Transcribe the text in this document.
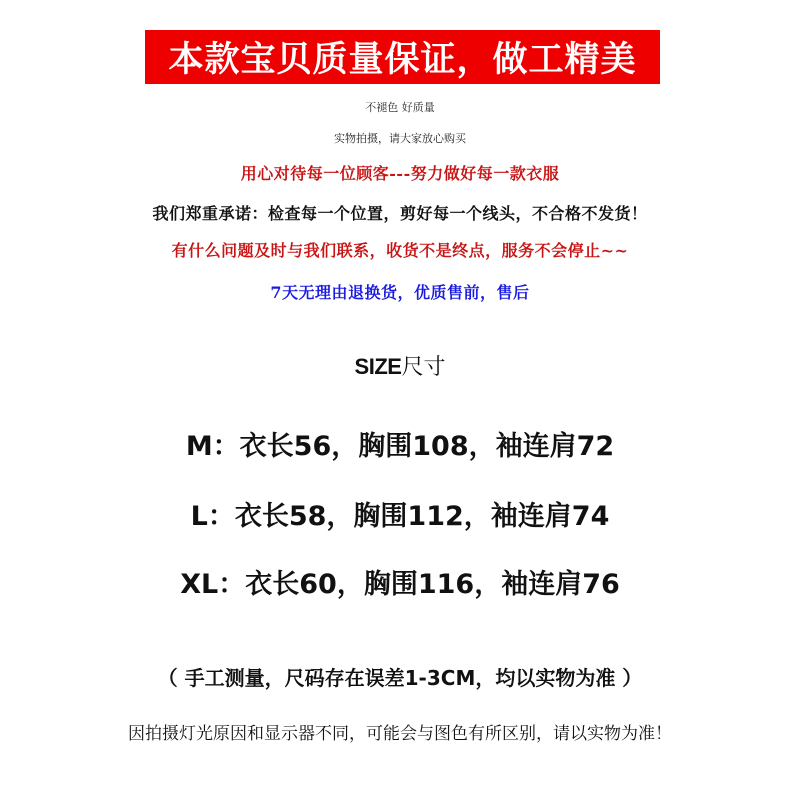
本款宝贝质量保证，做工精美
不褪色 好质量
实物拍摄，请大家放心购买
用心对待每一位顾客---努力做好每一款衣服
我们郑重承诺：检查每一个位置，剪好每一个线头，不合格不发货！
有什么问题及时与我们联系，收货不是终点，服务不会停止~~
7天无理由退换货，优质售前，售后
SIZE尺寸
M：衣长56，胸围108，袖连肩72
L：衣长58，胸围112，袖连肩74
XL：衣长60，胸围116，袖连肩76
（ 手工测量，尺码存在误差1-3CM，均以实物为准 ）
因拍摄灯光原因和显示器不同，可能会与图色有所区别，请以实物为准！
